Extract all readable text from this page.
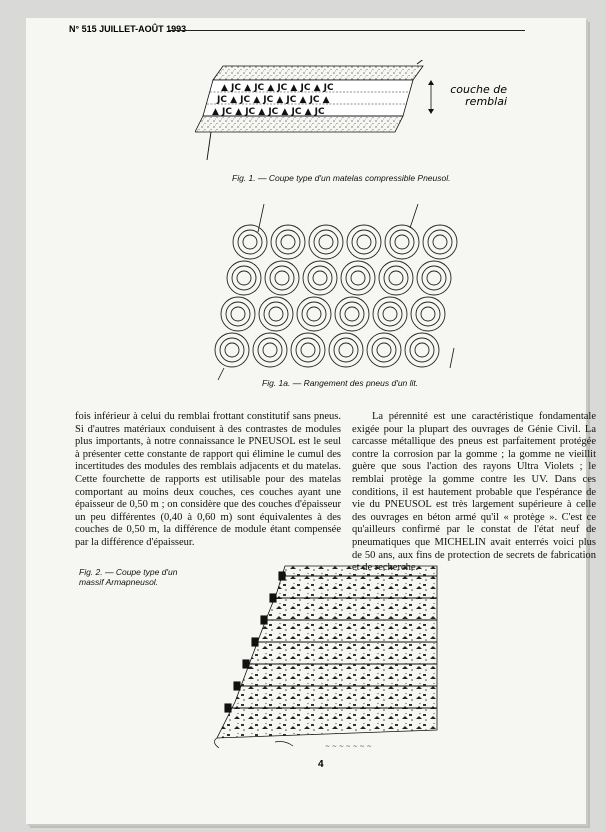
N° 515 JUILLET-AOÛT 1993
▲ JC ▲ JC ▲ JC ▲ JC ▲ JC
JC ▲ JC ▲ JC ▲ JC ▲ JC ▲
▲ JC ▲ JC ▲ JC ▲ JC ▲ JC
couche de remblai
Fig. 1. — Coupe type d'un matelas compressible Pneusol.
Fig. 1a. — Rangement des pneus d'un lit.
fois inférieur à celui du remblai frottant constitutif sans pneus. Si d'autres matériaux conduisent à des contrastes de modules plus importants, à notre connaissance le PNEUSOL est le seul à présenter cette constante de rapport qui élimine le cumul des incertitudes des modules des remblais adjacents et du matelas. Cette fourchette de rapports est utilisable pour des matelas comportant au moins deux couches, ces couches ayant une épaisseur de 0,50 m ; on considère que des couches d'épaisseur un peu différentes (0,40 à 0,60 m) sont équivalentes à des couches de 0,50 m, la différence de module étant compensée par la différence d'épaisseur.
La pérennité est une caractéristique fondamentale exigée pour la plupart des ouvrages de Génie Civil. La carcasse métallique des pneus est parfaitement protégée contre la corrosion par la gomme ; la gomme ne vieillit guère que sous l'action des rayons Ultra Violets ; le remblai protège la gomme contre les UV. Dans ces conditions, il est hautement probable que l'espérance de vie du PNEUSOL est très largement supérieure à celle des ouvrages en béton armé qu'il « protège ». C'est ce qu'ailleurs confirmé par le constat de l'état neuf de pneumatiques que MICHELIN avait enterrés voici plus de 50 ans, aux fins de protection de secrets de fabrication
Fig. 2. — Coupe type d'un massif Armapneusol.
~ ~ ~ ~ ~ ~ ~
4
